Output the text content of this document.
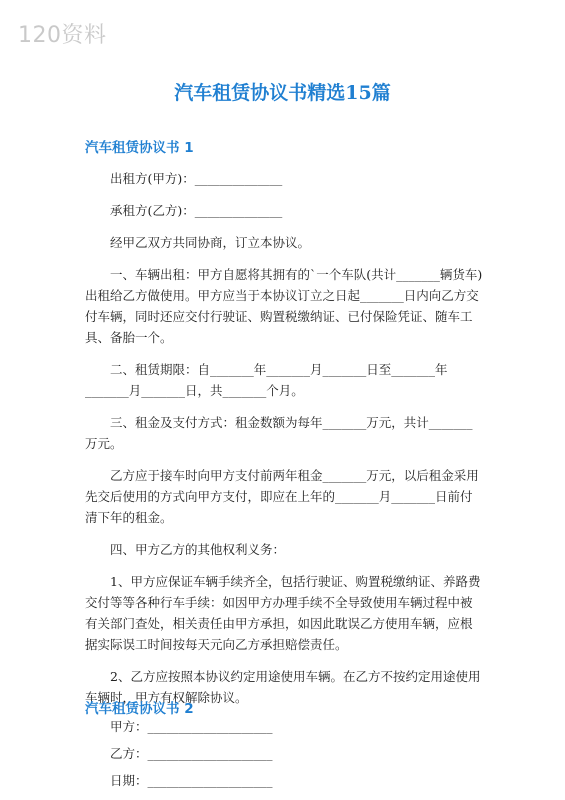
120资料
汽车租赁协议书精选15篇
汽车租赁协议书 1

出租方(甲方)：______________

承租方(乙方)：______________

经甲乙双方共同协商，订立本协议。

一、车辆出租：甲方自愿将其拥有的`一个车队(共计_______辆货车)出租给乙方做使用。甲方应当于本协议订立之日起_______日内向乙方交付车辆，同时还应交付行驶证、购置税缴纳证、已付保险凭证、随车工具、备胎一个。

二、租赁期限：自_______年_______月_______日至_______年_______月_______日，共_______个月。

三、租金及支付方式：租金数额为每年_______万元，共计_______万元。

乙方应于接车时向甲方支付前两年租金_______万元，以后租金采用先交后使用的方式向甲方支付，即应在上年的_______月_______日前付清下年的租金。

四、甲方乙方的其他权利义务：

1、甲方应保证车辆手续齐全，包括行驶证、购置税缴纳证、养路费交付等等各种行车手续：如因甲方办理手续不全导致使用车辆过程中被有关部门查处，相关责任由甲方承担，如因此耽误乙方使用车辆，应根据实际误工时间按每天元向乙方承担赔偿责任。

2、乙方应按照本协议约定用途使用车辆。在乙方不按约定用途使用车辆时，甲方有权解除协议。

甲方：____________________

乙方：____________________

日期：____________________

汽车租赁协议书 2
